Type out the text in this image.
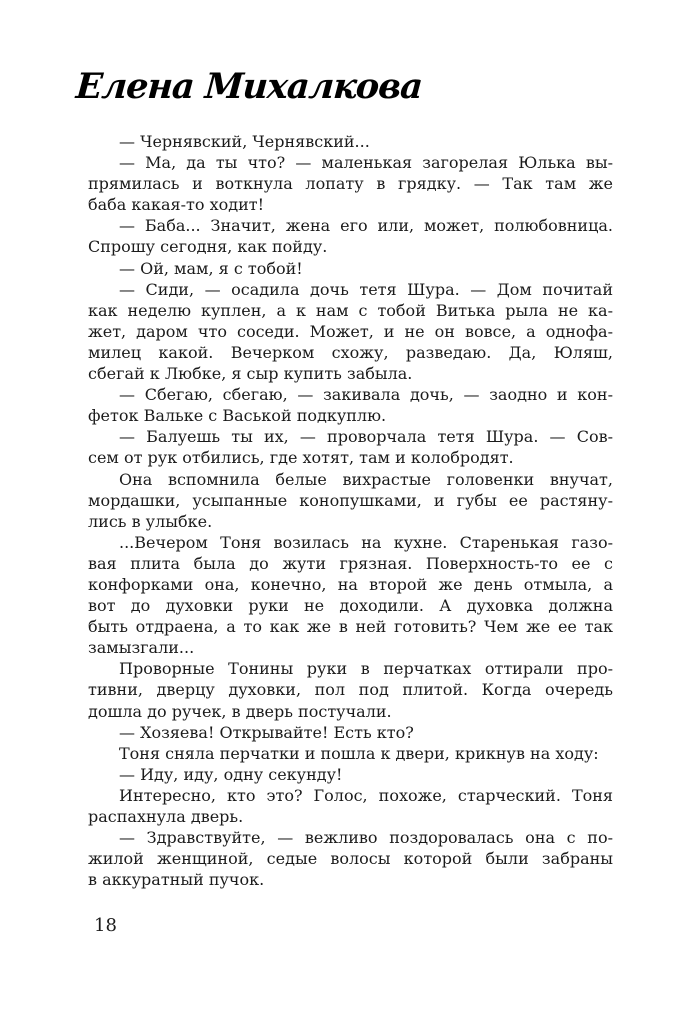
Елена Михалкова
— Чернявский, Чернявский...
— Ма, да ты что? — маленькая загорелая Юлька вы-
прямилась и воткнула лопату в грядку. — Так там же
баба какая-то ходит!
— Баба... Значит, жена его или, может, полюбовница.
Спрошу сегодня, как пойду.
— Ой, мам, я с тобой!
— Сиди, — осадила дочь тетя Шура. — Дом почитай
как неделю куплен, а к нам с тобой Витька рыла не ка-
жет, даром что соседи. Может, и не он вовсе, а однофа-
милец какой. Вечерком схожу, разведаю. Да, Юляш,
сбегай к Любке, я сыр купить забыла.
— Сбегаю, сбегаю, — закивала дочь, — заодно и кон-
феток Вальке с Васькой подкуплю.
— Балуешь ты их, — проворчала тетя Шура. — Сов-
сем от рук отбились, где хотят, там и колобродят.
Она вспомнила белые вихрастые головенки внучат,
мордашки, усыпанные конопушками, и губы ее растяну-
лись в улыбке.
...Вечером Тоня возилась на кухне. Старенькая газо-
вая плита была до жути грязная. Поверхность-то ее с
конфорками она, конечно, на второй же день отмыла, а
вот до духовки руки не доходили. А духовка должна
быть отдраена, а то как же в ней готовить? Чем же ее так
замызгали...
Проворные Тонины руки в перчатках оттирали про-
тивни, дверцу духовки, пол под плитой. Когда очередь
дошла до ручек, в дверь постучали.
— Хозяева! Открывайте! Есть кто?
Тоня сняла перчатки и пошла к двери, крикнув на ходу:
— Иду, иду, одну секунду!
Интересно, кто это? Голос, похоже, старческий. Тоня
распахнула дверь.
— Здравствуйте, — вежливо поздоровалась она с по-
жилой женщиной, седые волосы которой были забраны
в аккуратный пучок.
18
